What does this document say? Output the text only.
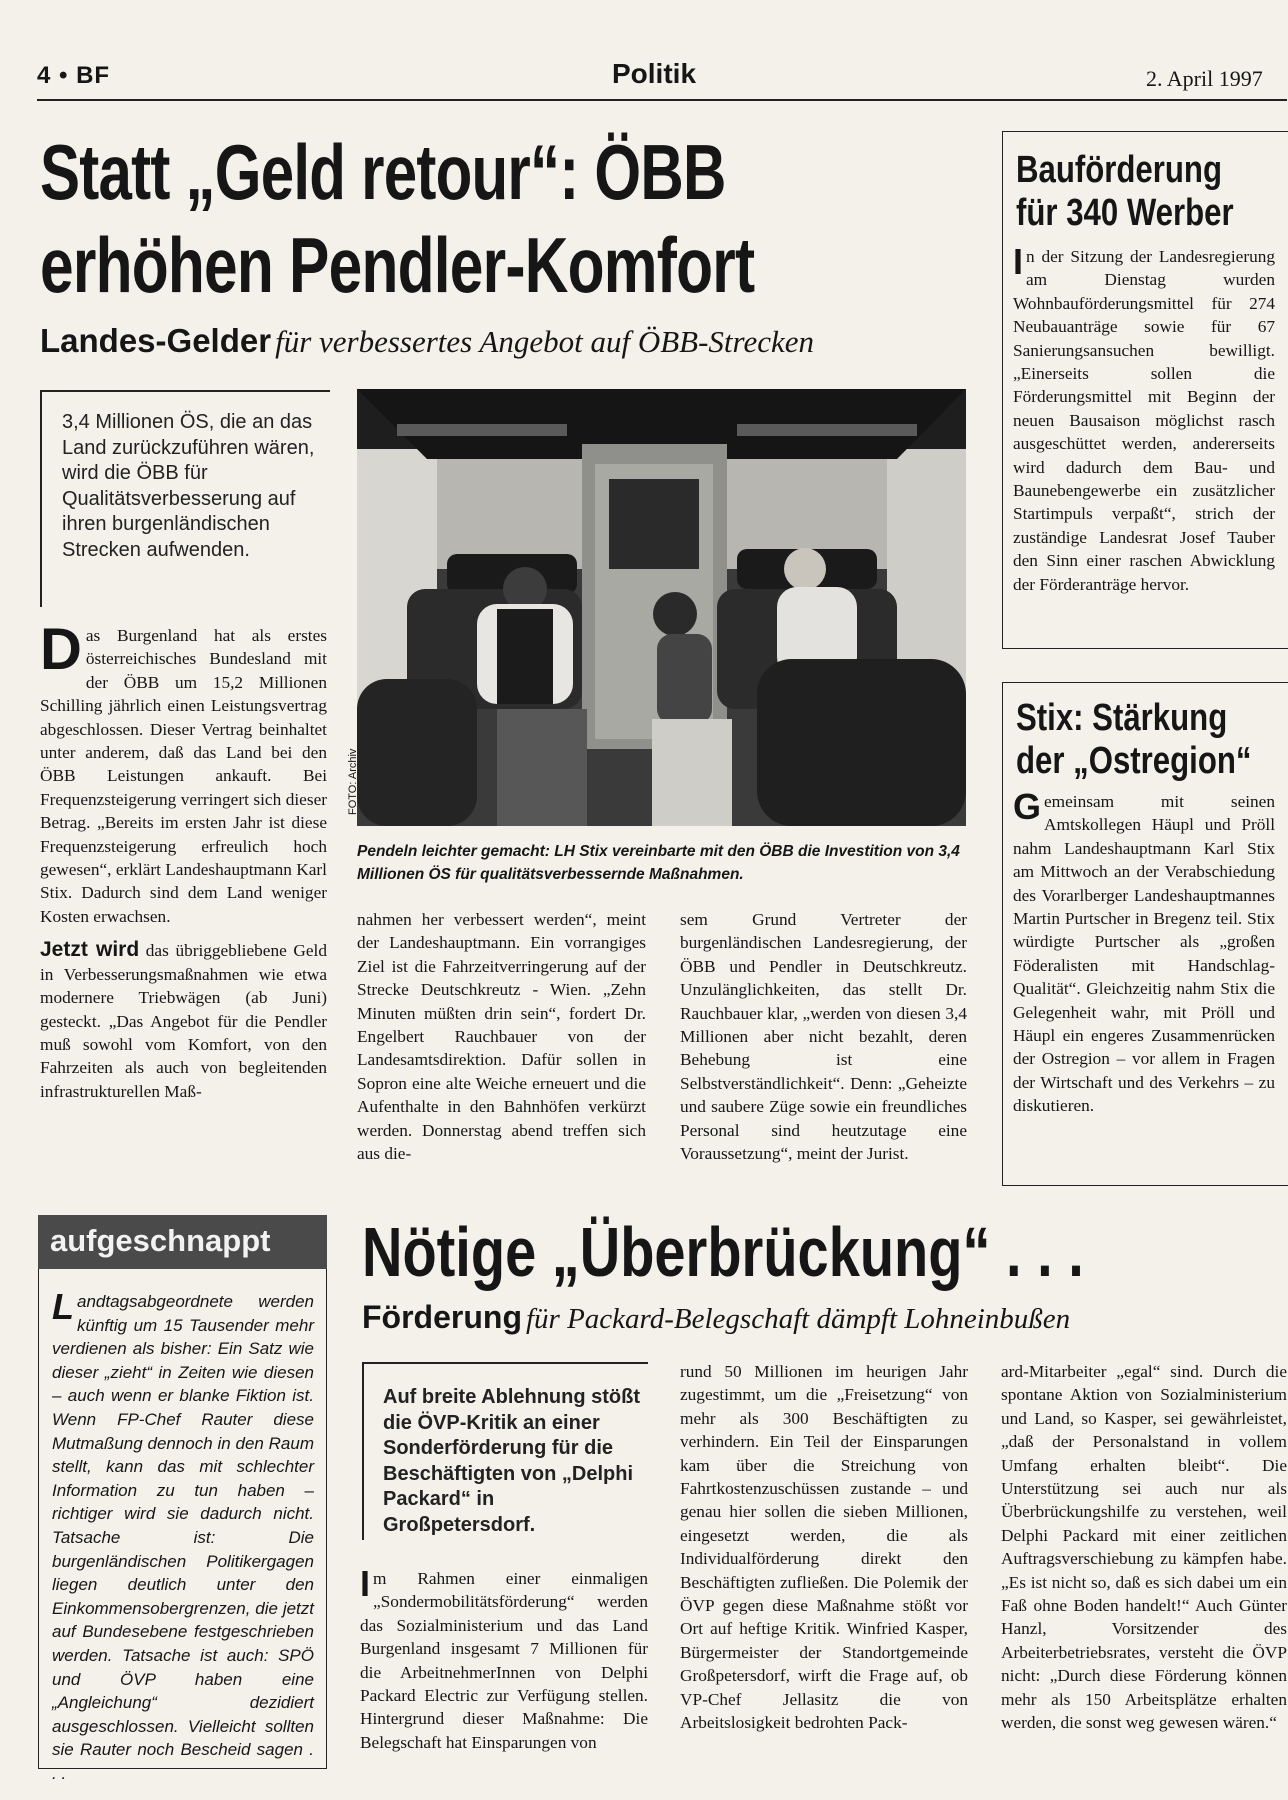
4 • BF	Politik	2. April 1997
Statt „Geld retour“: ÖBB
erhöhen Pendler-Komfort
Landes-Gelder für verbessertes Angebot auf ÖBB-Strecken

3,4 Millionen ÖS, die an das Land zurückzuführen wären, wird die ÖBB für Qualitätsverbesserung auf ihren burgenländischen Strecken aufwenden.

D as Burgenland hat als erstes österreichisches Bundesland mit der ÖBB um 15,2 Millionen Schilling jährlich einen Leistungsvertrag abgeschlossen. Dieser Vertrag beinhaltet unter anderem, daß das Land bei den ÖBB Leistungen ankauft. Bei Frequenzsteigerung verringert sich dieser Betrag. „Bereits im ersten Jahr ist diese Frequenzsteigerung erfreulich hoch gewesen“, erklärt Landeshauptmann Karl Stix. Dadurch sind dem Land weniger Kosten erwachsen.

Jetzt wird das übriggebliebene Geld in Verbesserungsmaßnahmen wie etwa modernere Triebwägen (ab Juni) gesteckt. „Das Angebot für die Pendler muß sowohl vom Komfort, von den Fahrzeiten als auch von begleitenden infrastrukturellen Maß-

FOTO: Archiv

Pendeln leichter gemacht: LH Stix vereinbarte mit den ÖBB die Investition von 3,4 Millionen ÖS für qualitätsverbessernde Maßnahmen.

nahmen her verbessert werden“, meint der Landeshauptmann. Ein vorrangiges Ziel ist die Fahrzeitverringerung auf der Strecke Deutschkreutz - Wien. „Zehn Minuten müßten drin sein“, fordert Dr. Engelbert Rauchbauer von der Landesamtsdirektion. Dafür sollen in Sopron eine alte Weiche erneuert und die Aufenthalte in den Bahnhöfen verkürzt werden. Donnerstag abend treffen sich aus die-

sem Grund Vertreter der burgenländischen Landesregierung, der ÖBB und Pendler in Deutschkreutz. Unzulänglichkeiten, das stellt Dr. Rauchbauer klar, „werden von diesen 3,4 Millionen aber nicht bezahlt, deren Behebung ist eine Selbstverständlichkeit“. Denn: „Geheizte und saubere Züge sowie ein freundliches Personal sind heutzutage eine Voraussetzung“, meint der Jurist.

Bauförderung
für 340 Werber

In der Sitzung der Landesregierung am Dienstag wurden Wohnbauförderungsmittel für 274 Neubauanträge sowie für 67 Sanierungsansuchen bewilligt. „Einerseits sollen die Förderungsmittel mit Beginn der neuen Bausaison möglichst rasch ausgeschüttet werden, andererseits wird dadurch dem Bau- und Baunebengewerbe ein zusätzlicher Startimpuls verpaßt“, strich der zuständige Landesrat Josef Tauber den Sinn einer raschen Abwicklung der Förderanträge hervor.

Stix: Stärkung
der „Ostregion“

Gemeinsam mit seinen Amtskollegen Häupl und Pröll nahm Landeshauptmann Karl Stix am Mittwoch an der Verabschiedung des Vorarlberger Landeshauptmannes Martin Purtscher in Bregenz teil. Stix würdigte Purtscher als „großen Föderalisten mit Handschlag-Qualität“. Gleichzeitig nahm Stix die Gelegenheit wahr, mit Pröll und Häupl ein engeres Zusammenrücken der Ostregion – vor allem in Fragen der Wirtschaft und des Verkehrs – zu diskutieren.

aufgeschnappt

Landtagsabgeordnete werden künftig um 15 Tausender mehr verdienen als bisher: Ein Satz wie dieser „zieht“ in Zeiten wie diesen – auch wenn er blanke Fiktion ist. Wenn FP-Chef Rauter diese Mutmaßung dennoch in den Raum stellt, kann das mit schlechter Information zu tun haben – richtiger wird sie dadurch nicht. Tatsache ist: Die burgenländischen Politikergagen liegen deutlich unter den Einkommensobergrenzen, die jetzt auf Bundesebene festgeschrieben werden. Tatsache ist auch: SPÖ und ÖVP haben eine „Angleichung“ dezidiert ausgeschlossen. Vielleicht sollten sie Rauter noch Bescheid sagen . . .

Nötige „Überbrückung“ . . .
Förderung für Packard-Belegschaft dämpft Lohneinbußen

Auf breite Ablehnung stößt die ÖVP-Kritik an einer Sonderförderung für die Beschäftigten von „Delphi Packard“ in Großpetersdorf.

Im Rahmen einer einmaligen „Sondermobilitätsförderung“ werden das Sozialministerium und das Land Burgenland insgesamt 7 Millionen für die ArbeitnehmerInnen von Delphi Packard Electric zur Verfügung stellen. Hintergrund dieser Maßnahme: Die Belegschaft hat Einsparungen von

rund 50 Millionen im heurigen Jahr zugestimmt, um die „Freisetzung“ von mehr als 300 Beschäftigten zu verhindern. Ein Teil der Einsparungen kam über die Streichung von Fahrtkostenzuschüssen zustande – und genau hier sollen die sieben Millionen, eingesetzt werden, die als Individualförderung direkt den Beschäftigten zufließen. Die Polemik der ÖVP gegen diese Maßnahme stößt vor Ort auf heftige Kritik. Winfried Kasper, Bürgermeister der Standortgemeinde Großpetersdorf, wirft die Frage auf, ob VP-Chef Jellasitz die von Arbeitslosigkeit bedrohten Pack-

ard-Mitarbeiter „egal“ sind. Durch die spontane Aktion von Sozialministerium und Land, so Kasper, sei gewährleistet, „daß der Personalstand in vollem Umfang erhalten bleibt“. Die Unterstützung sei auch nur als Überbrückungshilfe zu verstehen, weil Delphi Packard mit einer zeitlichen Auftragsverschiebung zu kämpfen habe. „Es ist nicht so, daß es sich dabei um ein Faß ohne Boden handelt!“ Auch Günter Hanzl, Vorsitzender des Arbeiterbetriebsrates, versteht die ÖVP nicht: „Durch diese Förderung können mehr als 150 Arbeitsplätze erhalten werden, die sonst weg gewesen wären.“
